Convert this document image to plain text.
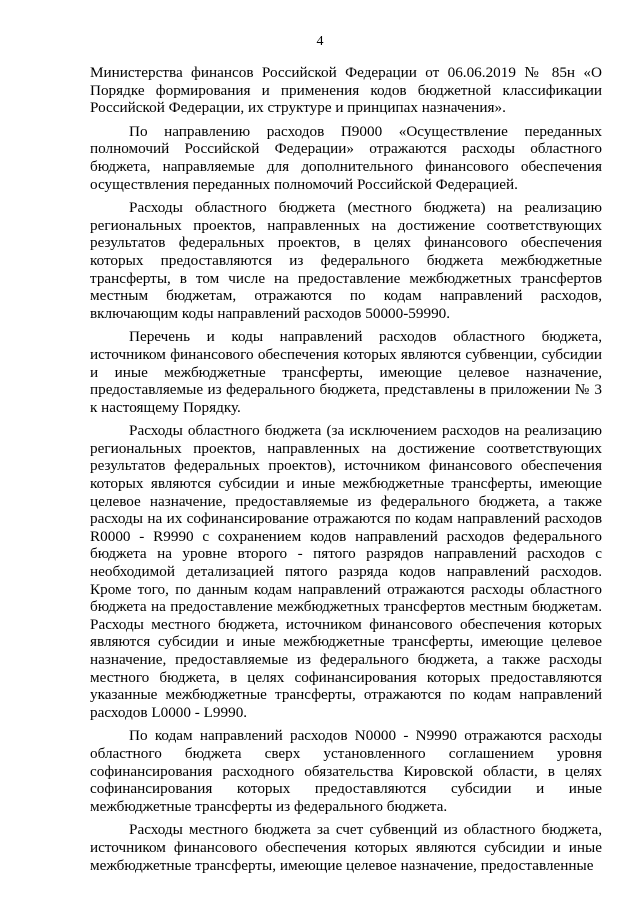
4

Министерства финансов Российской Федерации от 06.06.2019 № 85н «О Порядке формирования и применения кодов бюджетной классификации Российской Федерации, их структуре и принципах назначения».

По направлению расходов П9000 «Осуществление переданных полномочий Российской Федерации» отражаются расходы областного бюджета, направляемые для дополнительного финансового обеспечения осуществления переданных полномочий Российской Федерацией.

Расходы областного бюджета (местного бюджета) на реализацию региональных проектов, направленных на достижение соответствующих результатов федеральных проектов, в целях финансового обеспечения которых предоставляются из федерального бюджета межбюджетные трансферты, в том числе на предоставление межбюджетных трансфертов местным бюджетам, отражаются по кодам направлений расходов, включающим коды направлений расходов 50000-59990.

Перечень и коды направлений расходов областного бюджета, источником финансового обеспечения которых являются субвенции, субсидии и иные межбюджетные трансферты, имеющие целевое назначение, предоставляемые из федерального бюджета, представлены в приложении № 3 к настоящему Порядку.

Расходы областного бюджета (за исключением расходов на реализацию региональных проектов, направленных на достижение соответствующих результатов федеральных проектов), источником финансового обеспечения которых являются субсидии и иные межбюджетные трансферты, имеющие целевое назначение, предоставляемые из федерального бюджета, а также расходы на их софинансирование отражаются по кодам направлений расходов R0000 - R9990 с сохранением кодов направлений расходов федерального бюджета на уровне второго - пятого разрядов направлений расходов с необходимой детализацией пятого разряда кодов направлений расходов. Кроме того, по данным кодам направлений отражаются расходы областного бюджета на предоставление межбюджетных трансфертов местным бюджетам. Расходы местного бюджета, источником финансового обеспечения которых являются субсидии и иные межбюджетные трансферты, имеющие целевое назначение, предоставляемые из федерального бюджета, а также расходы местного бюджета, в целях софинансирования которых предоставляются указанные межбюджетные трансферты, отражаются по кодам направлений расходов L0000 - L9990.

По кодам направлений расходов N0000 - N9990 отражаются расходы областного бюджета сверх установленного соглашением уровня софинансирования расходного обязательства Кировской области, в целях софинансирования которых предоставляются субсидии и иные межбюджетные трансферты из федерального бюджета.

Расходы местного бюджета за счет субвенций из областного бюджета, источником финансового обеспечения которых являются субсидии и иные межбюджетные трансферты, имеющие целевое назначение, предоставленные
